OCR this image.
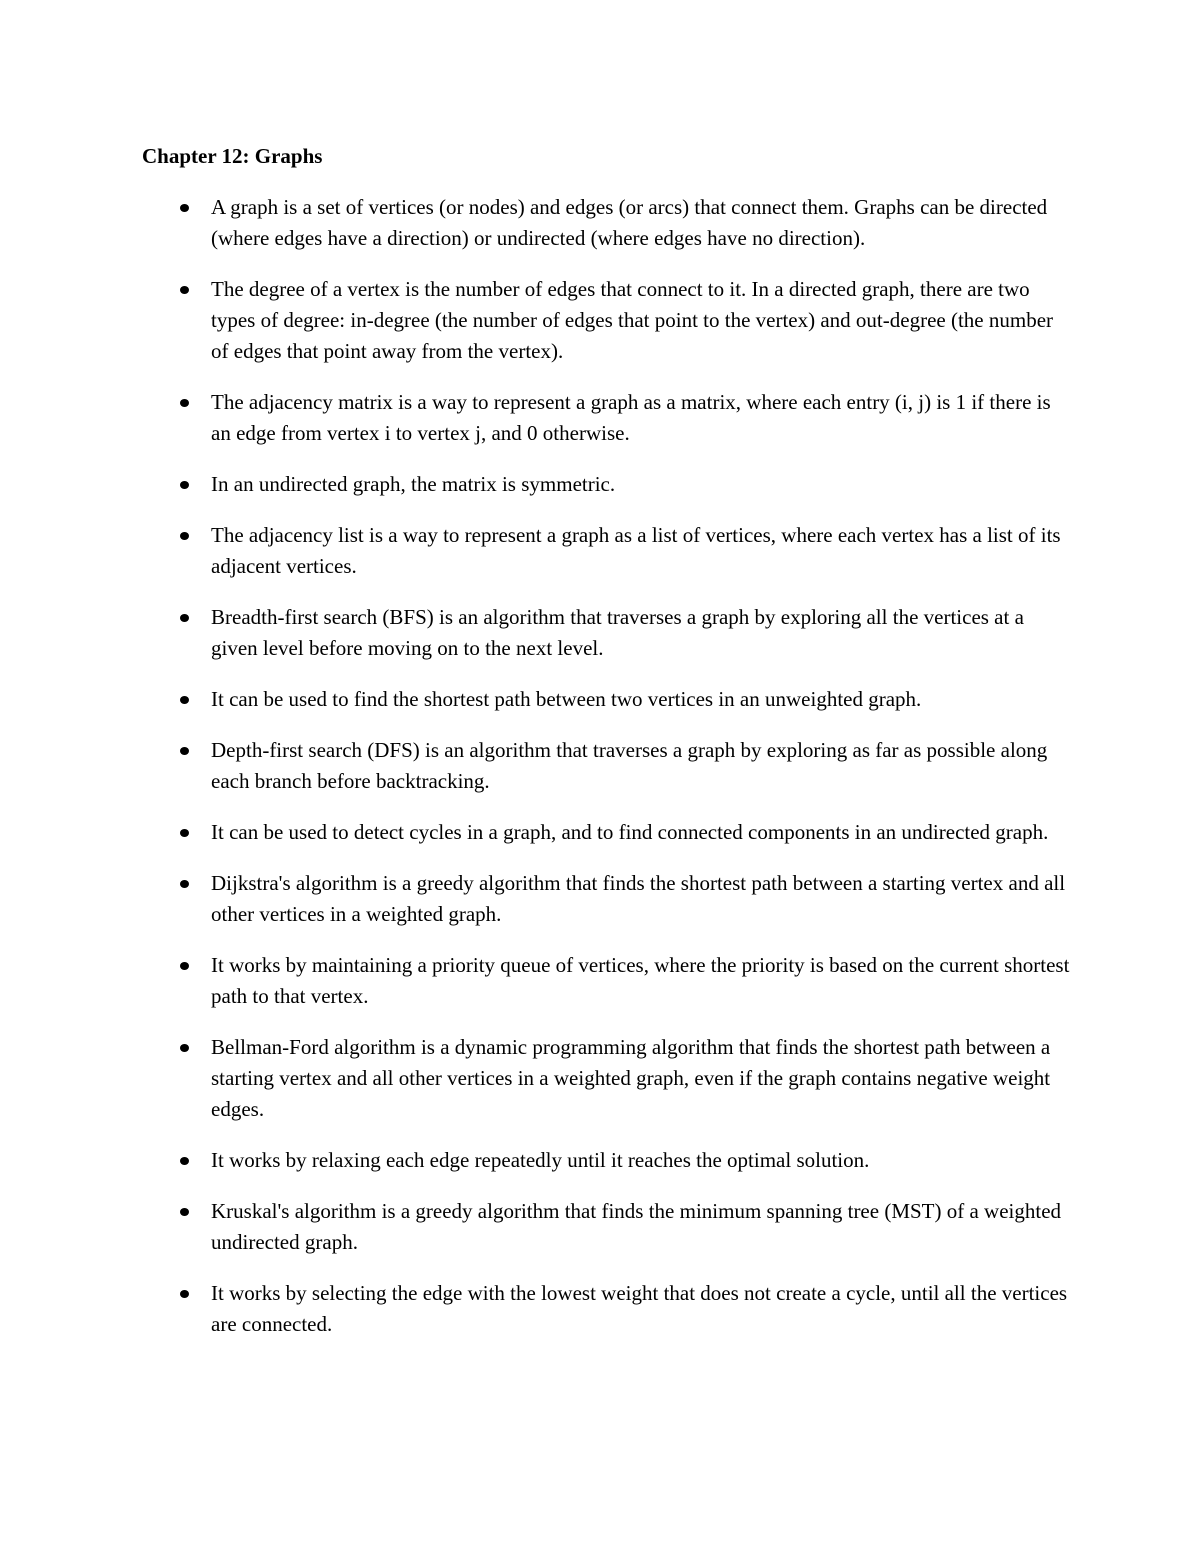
Chapter 12: Graphs
A graph is a set of vertices (or nodes) and edges (or arcs) that connect them. Graphs can be directed (where edges have a direction) or undirected (where edges have no direction).
The degree of a vertex is the number of edges that connect to it. In a directed graph, there are two types of degree: in-degree (the number of edges that point to the vertex) and out-degree (the number of edges that point away from the vertex).
The adjacency matrix is a way to represent a graph as a matrix, where each entry (i, j) is 1 if there is an edge from vertex i to vertex j, and 0 otherwise.
In an undirected graph, the matrix is symmetric.
The adjacency list is a way to represent a graph as a list of vertices, where each vertex has a list of its adjacent vertices.
Breadth-first search (BFS) is an algorithm that traverses a graph by exploring all the vertices at a given level before moving on to the next level.
It can be used to find the shortest path between two vertices in an unweighted graph.
Depth-first search (DFS) is an algorithm that traverses a graph by exploring as far as possible along each branch before backtracking.
It can be used to detect cycles in a graph, and to find connected components in an undirected graph.
Dijkstra's algorithm is a greedy algorithm that finds the shortest path between a starting vertex and all other vertices in a weighted graph.
It works by maintaining a priority queue of vertices, where the priority is based on the current shortest path to that vertex.
Bellman-Ford algorithm is a dynamic programming algorithm that finds the shortest path between a starting vertex and all other vertices in a weighted graph, even if the graph contains negative weight edges.
It works by relaxing each edge repeatedly until it reaches the optimal solution.
Kruskal's algorithm is a greedy algorithm that finds the minimum spanning tree (MST) of a weighted undirected graph.
It works by selecting the edge with the lowest weight that does not create a cycle, until all the vertices are connected.
